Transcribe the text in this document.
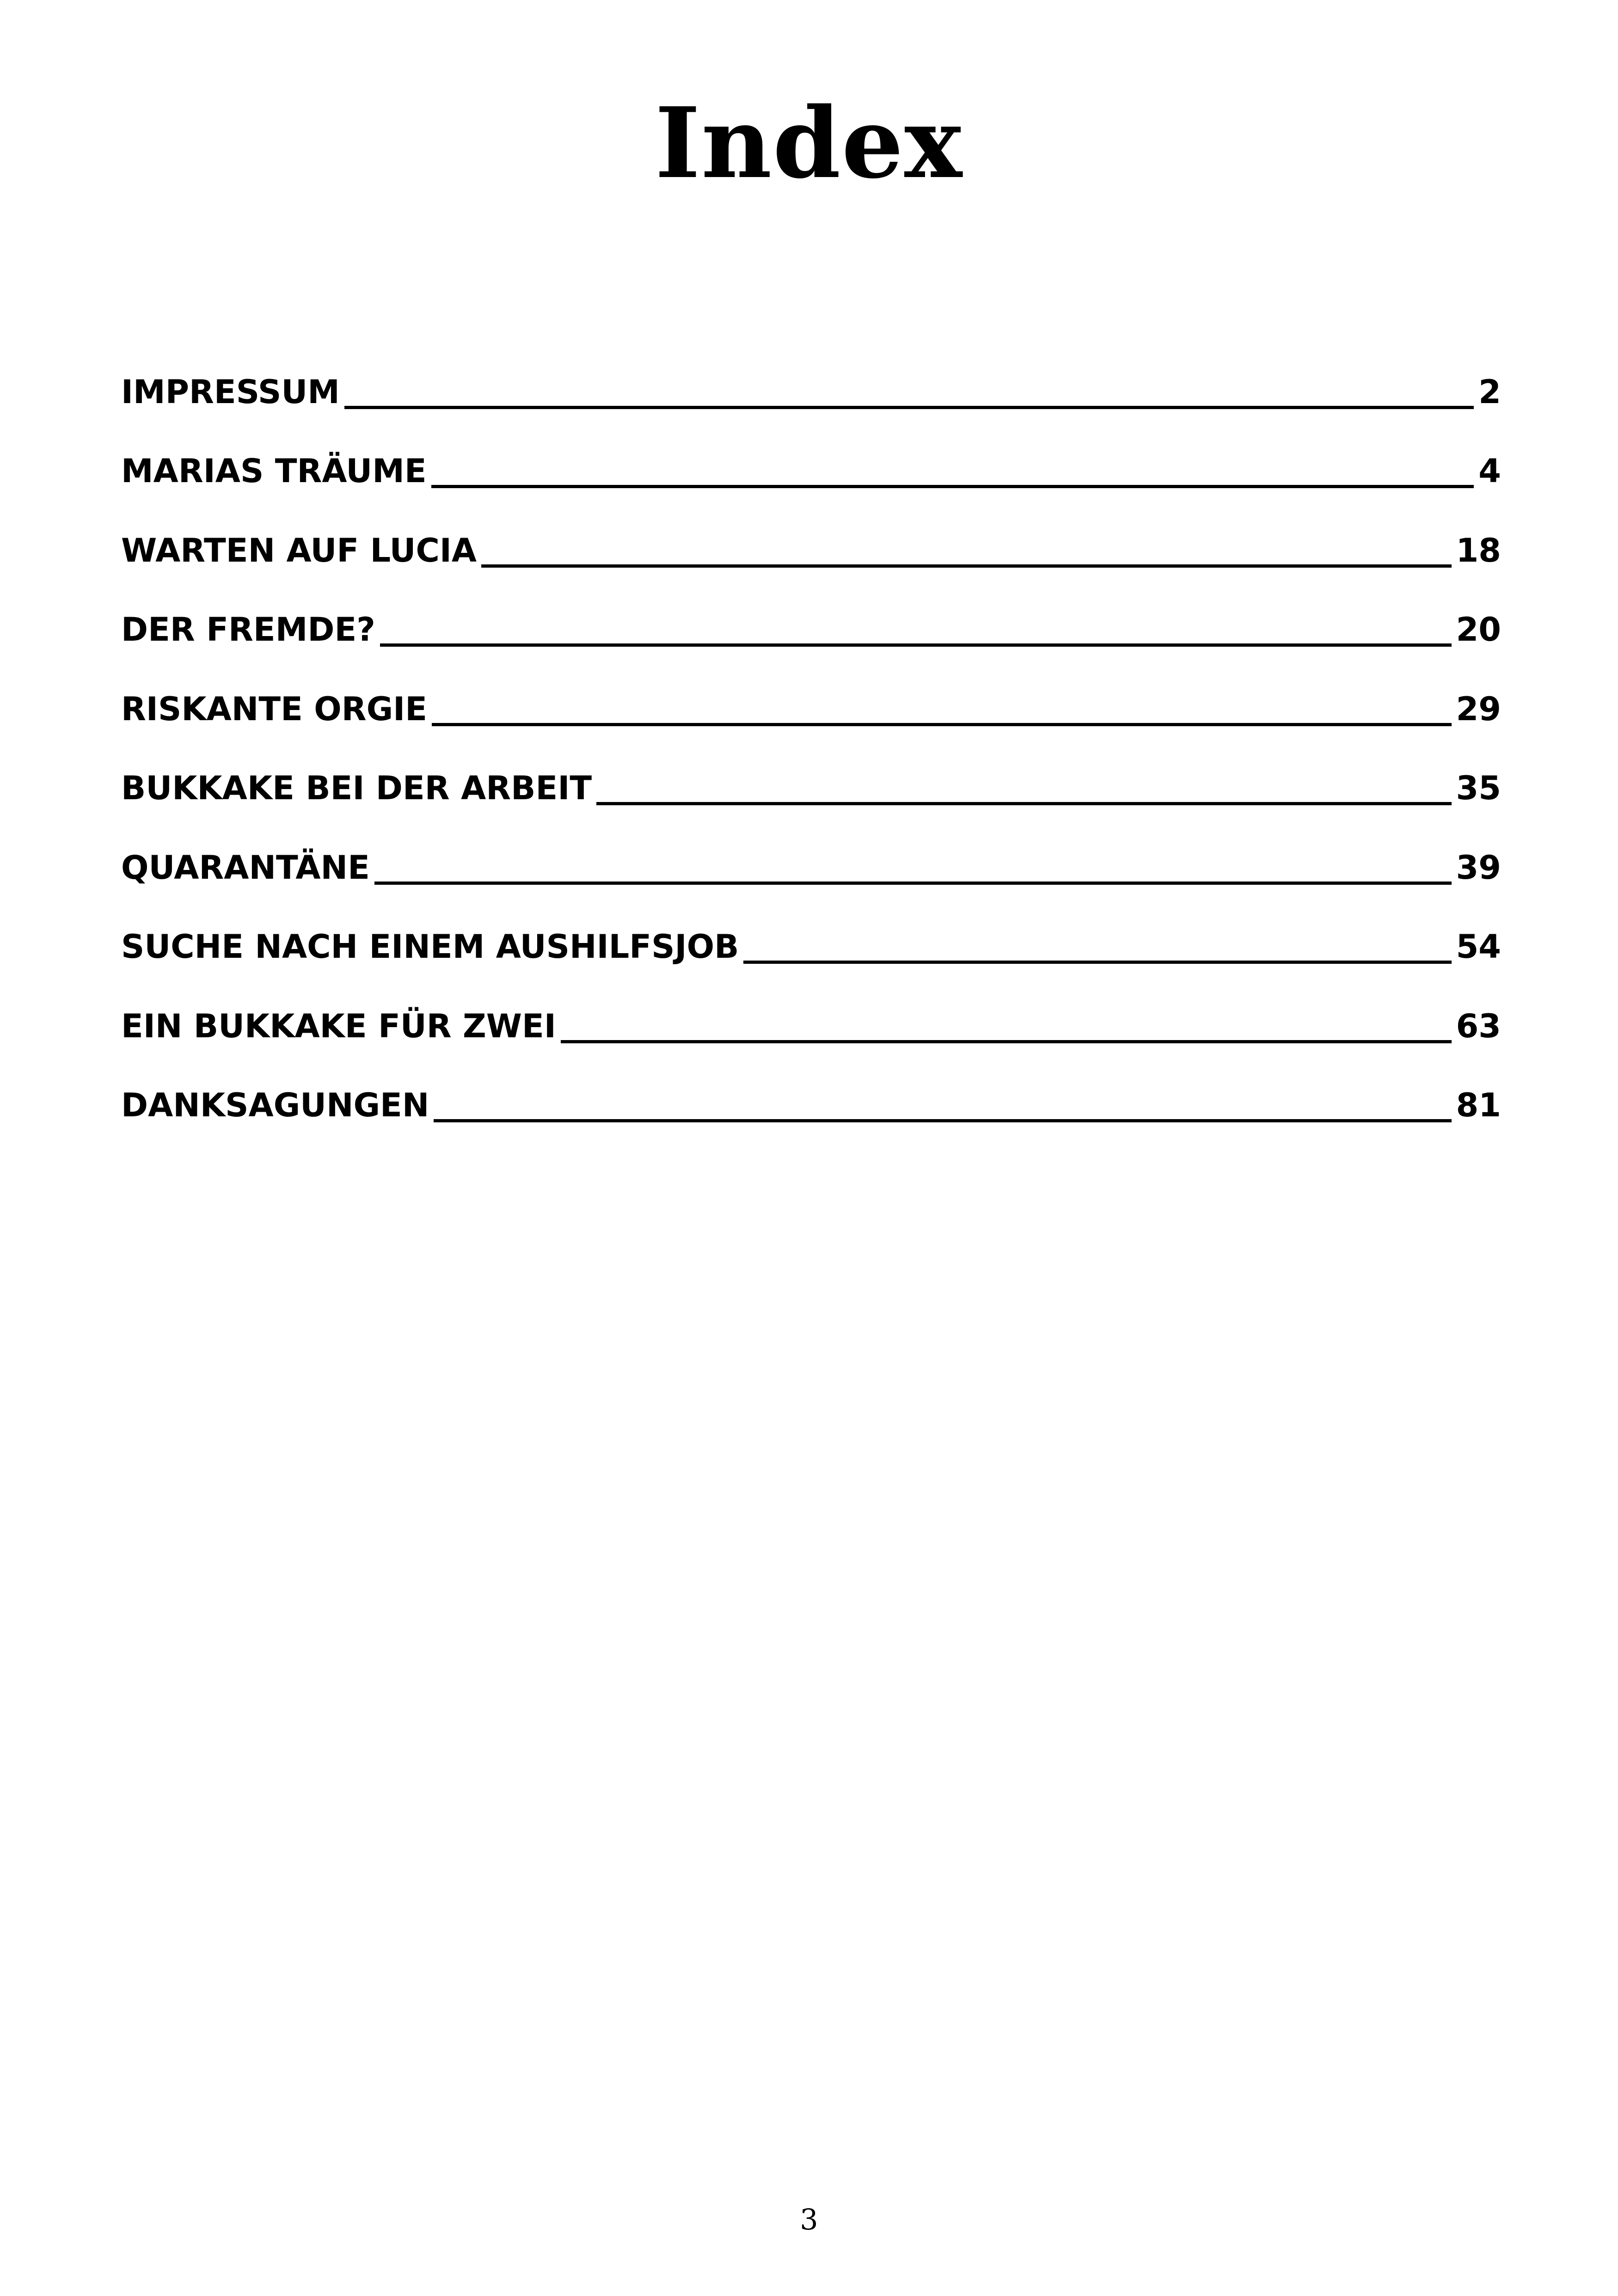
Index
IMPRESSUM	2
MARIAS TRÄUME	4
WARTEN AUF LUCIA	18
DER FREMDE?	20
RISKANTE ORGIE	29
BUKKAKE BEI DER ARBEIT	35
QUARANTÄNE	39
SUCHE NACH EINEM AUSHILFSJOB	54
EIN BUKKAKE FÜR ZWEI	63
DANKSAGUNGEN	81
3
